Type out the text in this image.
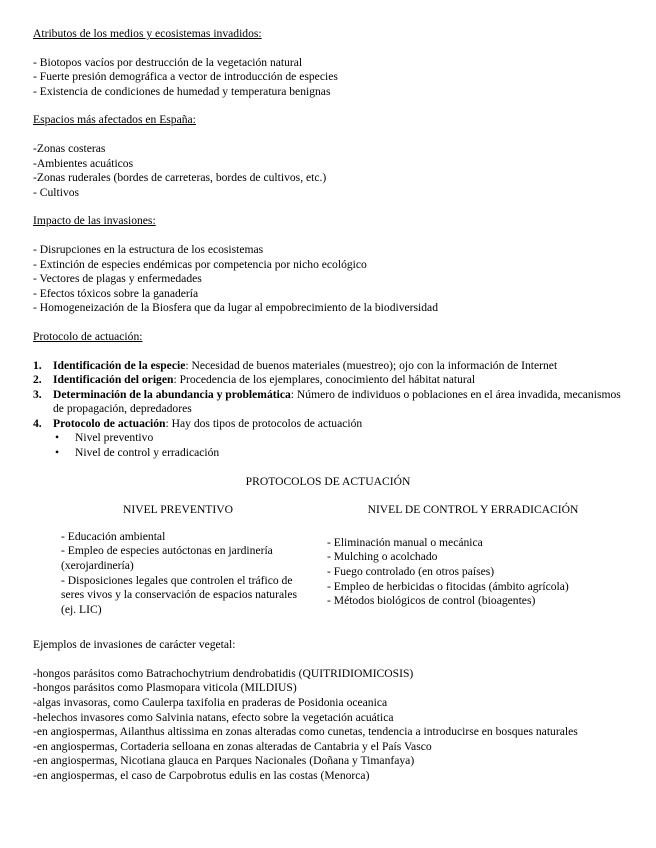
Atributos de los medios y ecosistemas invadidos:

- Biotopos vacíos por destrucción de la vegetación natural
- Fuerte presión demográfica a vector de introducción de especies
- Existencia de condiciones de humedad y temperatura benignas

Espacios más afectados en España:

-Zonas costeras
-Ambientes acuáticos
-Zonas ruderales (bordes de carreteras, bordes de cultivos, etc.)
- Cultivos

Impacto de las invasiones:

- Disrupciones en la estructura de los ecosistemas
- Extinción de especies endémicas por competencia por nicho ecológico
- Vectores de plagas y enfermedades
- Efectos tóxicos sobre la ganadería
- Homogeneización de la Biosfera que da lugar al empobrecimiento de la biodiversidad

Protocolo de actuación:

1. Identificación de la especie: Necesidad de buenos materiales (muestreo); ojo con la información de Internet
2. Identificación del origen: Procedencia de los ejemplares, conocimiento del hábitat natural
3. Determinación de la abundancia y problemática: Número de individuos o poblaciones en el área invadida, mecanismos de propagación, depredadores
4. Protocolo de actuación: Hay dos tipos de protocolos de actuación
•	Nivel preventivo
•	Nivel de control y erradicación
PROTOCOLOS DE ACTUACIÓN
NIVEL PREVENTIVO
- Educación ambiental
- Empleo de especies autóctonas en jardinería (xerojardinería)
- Disposiciones legales que controlen el tráfico de seres vivos y la conservación de espacios naturales (ej. LIC)
NIVEL DE CONTROL Y ERRADICACIÓN
- Eliminación manual o mecánica
- Mulching o acolchado
- Fuego controlado (en otros países)
- Empleo de herbicidas o fitocidas (ámbito agrícola)
- Métodos biológicos de control (bioagentes)
Ejemplos de invasiones de carácter vegetal:
-hongos parásitos como Batrachochytrium dendrobatidis (QUITRIDIOMICOSIS)
-hongos parásitos como Plasmopara viticola (MILDIUS)
-algas invasoras, como Caulerpa taxifolia en praderas de Posidonia oceanica
-helechos invasores como Salvinia natans, efecto sobre la vegetación acuática
-en angiospermas, Ailanthus altissima en zonas alteradas como cunetas, tendencia a introducirse en bosques naturales
-en angiospermas, Cortaderia selloana en zonas alteradas de Cantabria y el País Vasco
-en angiospermas, Nicotiana glauca en Parques Nacionales (Doñana y Timanfaya)
-en angiospermas, el caso de Carpobrotus edulis en las costas (Menorca)
